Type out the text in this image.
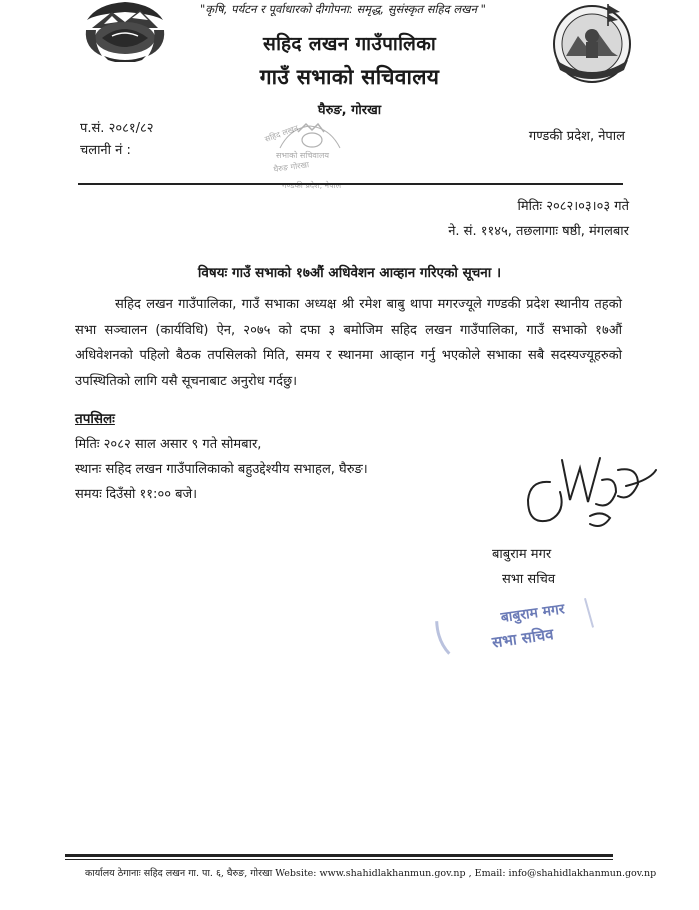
"कृषि, पर्यटन र पूर्वाधारको दीगोपना: समृद्ध, सुसंस्कृत सहिद लखन "
सहिद लखन गाउँपालिका
गाउँ सभाको सचिवालय
घैरुङ, गोरखा
प.सं. २०८१/८२
चलानी नं :
गण्डकी प्रदेश, नेपाल
सहिद लखन
सभाको सचिवालय
घैरुङ गोरखा
गण्डकी प्रदेश, नेपाल
मितिः २०८२।०३।०३ गते
ने. सं. ११४५, तछलागाः षष्ठी, मंगलबार
विषयः गाउँ सभाको १७औं अधिवेशन आव्हान गरिएको सूचना ।
सहिद लखन गाउँपालिका, गाउँ सभाका अध्यक्ष श्री रमेश बाबु थापा मगरज्यूले गण्डकी प्रदेश स्थानीय तहको सभा सञ्चालन (कार्यविधि) ऐन, २०७५ को दफा ३ बमोजिम सहिद लखन गाउँपालिका, गाउँ सभाको १७औं अधिवेशनको पहिलो बैठक तपसिलको मिति, समय र स्थानमा आव्हान गर्नु भएकोले सभाका सबै सदस्यज्यूहरुको उपस्थितिको लागि यसै सूचनाबाट अनुरोध गर्दछु।
तपसिलः
मितिः २०८२ साल असार ९ गते सोमबार,
स्थानः सहिद लखन गाउँपालिकाको बहुउद्देश्यीय सभाहल, घैरुङ।
समयः दिउँसो ११:०० बजे।
बाबुराम मगर
सभा सचिव
बाबुराम मगर
सभा सचिव
कार्यालय ठेगानाः सहिद लखन गा. पा. ६, घैरुङ, गोरखा Website: www.shahidlakhanmun.gov.np , Email: info@shahidlakhanmun.gov.np
